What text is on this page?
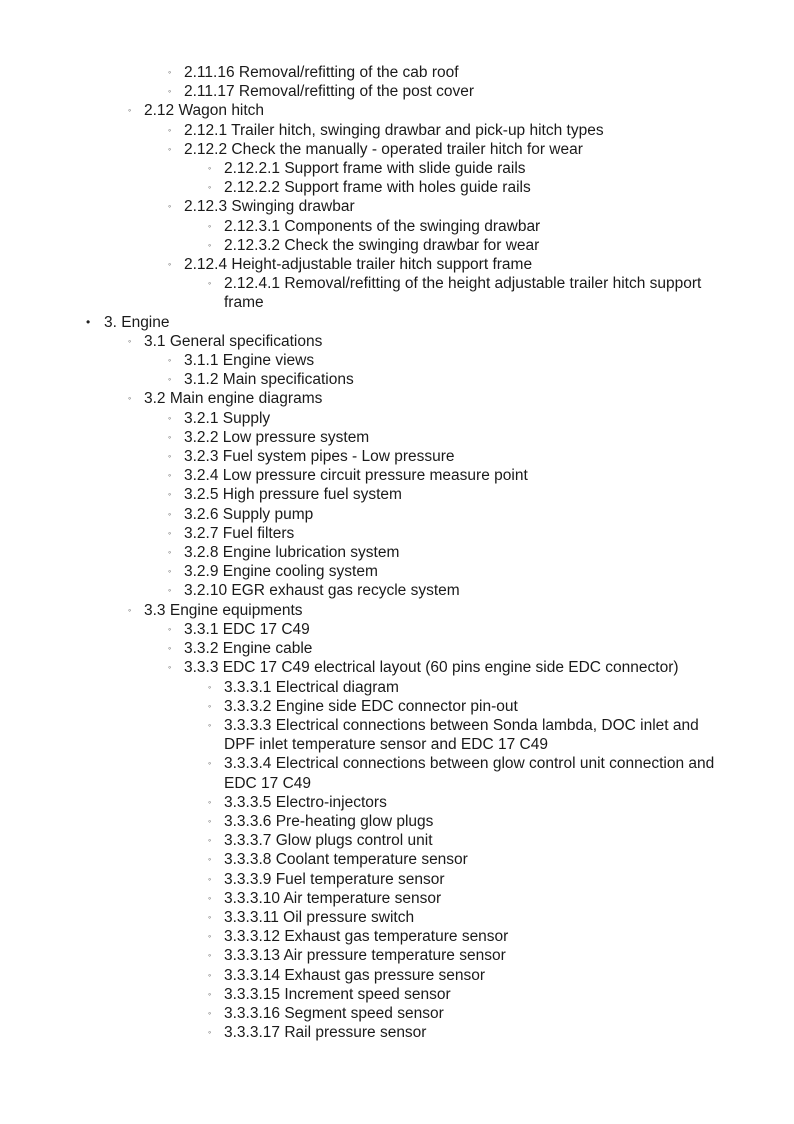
◦ 2.11.16 Removal/refitting of the cab roof
◦ 2.11.17 Removal/refitting of the post cover
◦ 2.12 Wagon hitch
◦ 2.12.1 Trailer hitch, swinging drawbar and pick-up hitch types
◦ 2.12.2 Check the manually - operated trailer hitch for wear
◦ 2.12.2.1 Support frame with slide guide rails
◦ 2.12.2.2 Support frame with holes guide rails
◦ 2.12.3 Swinging drawbar
◦ 2.12.3.1 Components of the swinging drawbar
◦ 2.12.3.2 Check the swinging drawbar for wear
◦ 2.12.4 Height-adjustable trailer hitch support frame
◦ 2.12.4.1 Removal/refitting of the height adjustable trailer hitch support frame
• 3. Engine
◦ 3.1 General specifications
◦ 3.1.1 Engine views
◦ 3.1.2 Main specifications
◦ 3.2 Main engine diagrams
◦ 3.2.1 Supply
◦ 3.2.2 Low pressure system
◦ 3.2.3 Fuel system pipes - Low pressure
◦ 3.2.4 Low pressure circuit pressure measure point
◦ 3.2.5 High pressure fuel system
◦ 3.2.6 Supply pump
◦ 3.2.7 Fuel filters
◦ 3.2.8 Engine lubrication system
◦ 3.2.9 Engine cooling system
◦ 3.2.10 EGR exhaust gas recycle system
◦ 3.3 Engine equipments
◦ 3.3.1 EDC 17 C49
◦ 3.3.2 Engine cable
◦ 3.3.3 EDC 17 C49 electrical layout (60 pins engine side EDC connector)
◦ 3.3.3.1 Electrical diagram
◦ 3.3.3.2 Engine side EDC connector pin-out
◦ 3.3.3.3 Electrical connections between Sonda lambda, DOC inlet and DPF inlet temperature sensor and EDC 17 C49
◦ 3.3.3.4 Electrical connections between glow control unit connection and EDC 17 C49
◦ 3.3.3.5 Electro-injectors
◦ 3.3.3.6 Pre-heating glow plugs
◦ 3.3.3.7 Glow plugs control unit
◦ 3.3.3.8 Coolant temperature sensor
◦ 3.3.3.9 Fuel temperature sensor
◦ 3.3.3.10 Air temperature sensor
◦ 3.3.3.11 Oil pressure switch
◦ 3.3.3.12 Exhaust gas temperature sensor
◦ 3.3.3.13 Air pressure temperature sensor
◦ 3.3.3.14 Exhaust gas pressure sensor
◦ 3.3.3.15 Increment speed sensor
◦ 3.3.3.16 Segment speed sensor
◦ 3.3.3.17 Rail pressure sensor
